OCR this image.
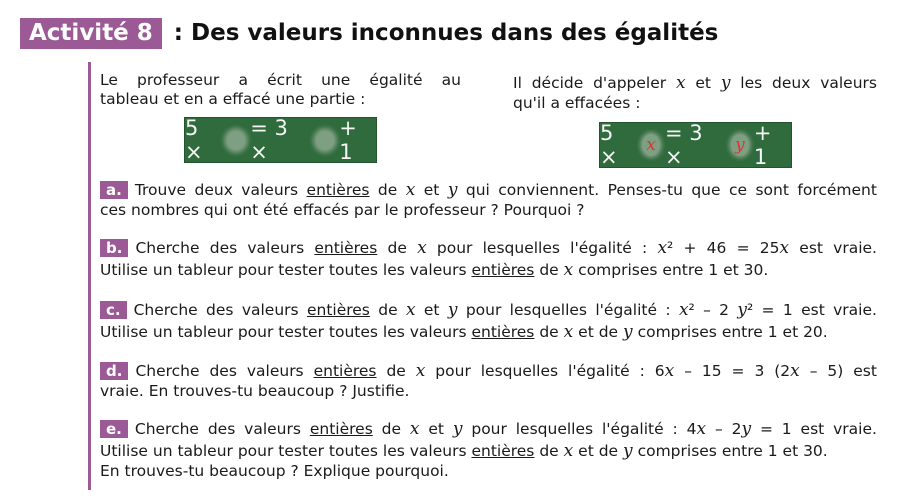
Activité 8 : Des valeurs inconnues dans des égalités
Le professeur a écrit une égalité au
tableau et en a effacé une partie :
Il décide d'appeler x et y les deux valeurs
qu'il a effacées :
5 ×
= 3 ×
+ 1
5 ×	x = 3 ×	y + 1
a. Trouve deux valeurs entières de x et y qui conviennent. Penses-tu que ce sont forcément
ces nombres qui ont été effacés par le professeur ? Pourquoi ?
b. Cherche des valeurs entières de x pour lesquelles l'égalité : x² + 46 = 25x est vraie.
Utilise un tableur pour tester toutes les valeurs entières de x comprises entre 1 et 30.
c. Cherche des valeurs entières de x et y pour lesquelles l'égalité : x² – 2 y² = 1 est vraie.
Utilise un tableur pour tester toutes les valeurs entières de x et de y comprises entre 1 et 20.
d. Cherche des valeurs entières de x pour lesquelles l'égalité : 6x – 15 = 3 (2x – 5) est
vraie. En trouves-tu beaucoup ? Justifie.
e. Cherche des valeurs entières de x et y pour lesquelles l'égalité : 4x – 2y = 1 est vraie.
Utilise un tableur pour tester toutes les valeurs entières de x et de y comprises entre 1 et 30.
En trouves-tu beaucoup ? Explique pourquoi.
